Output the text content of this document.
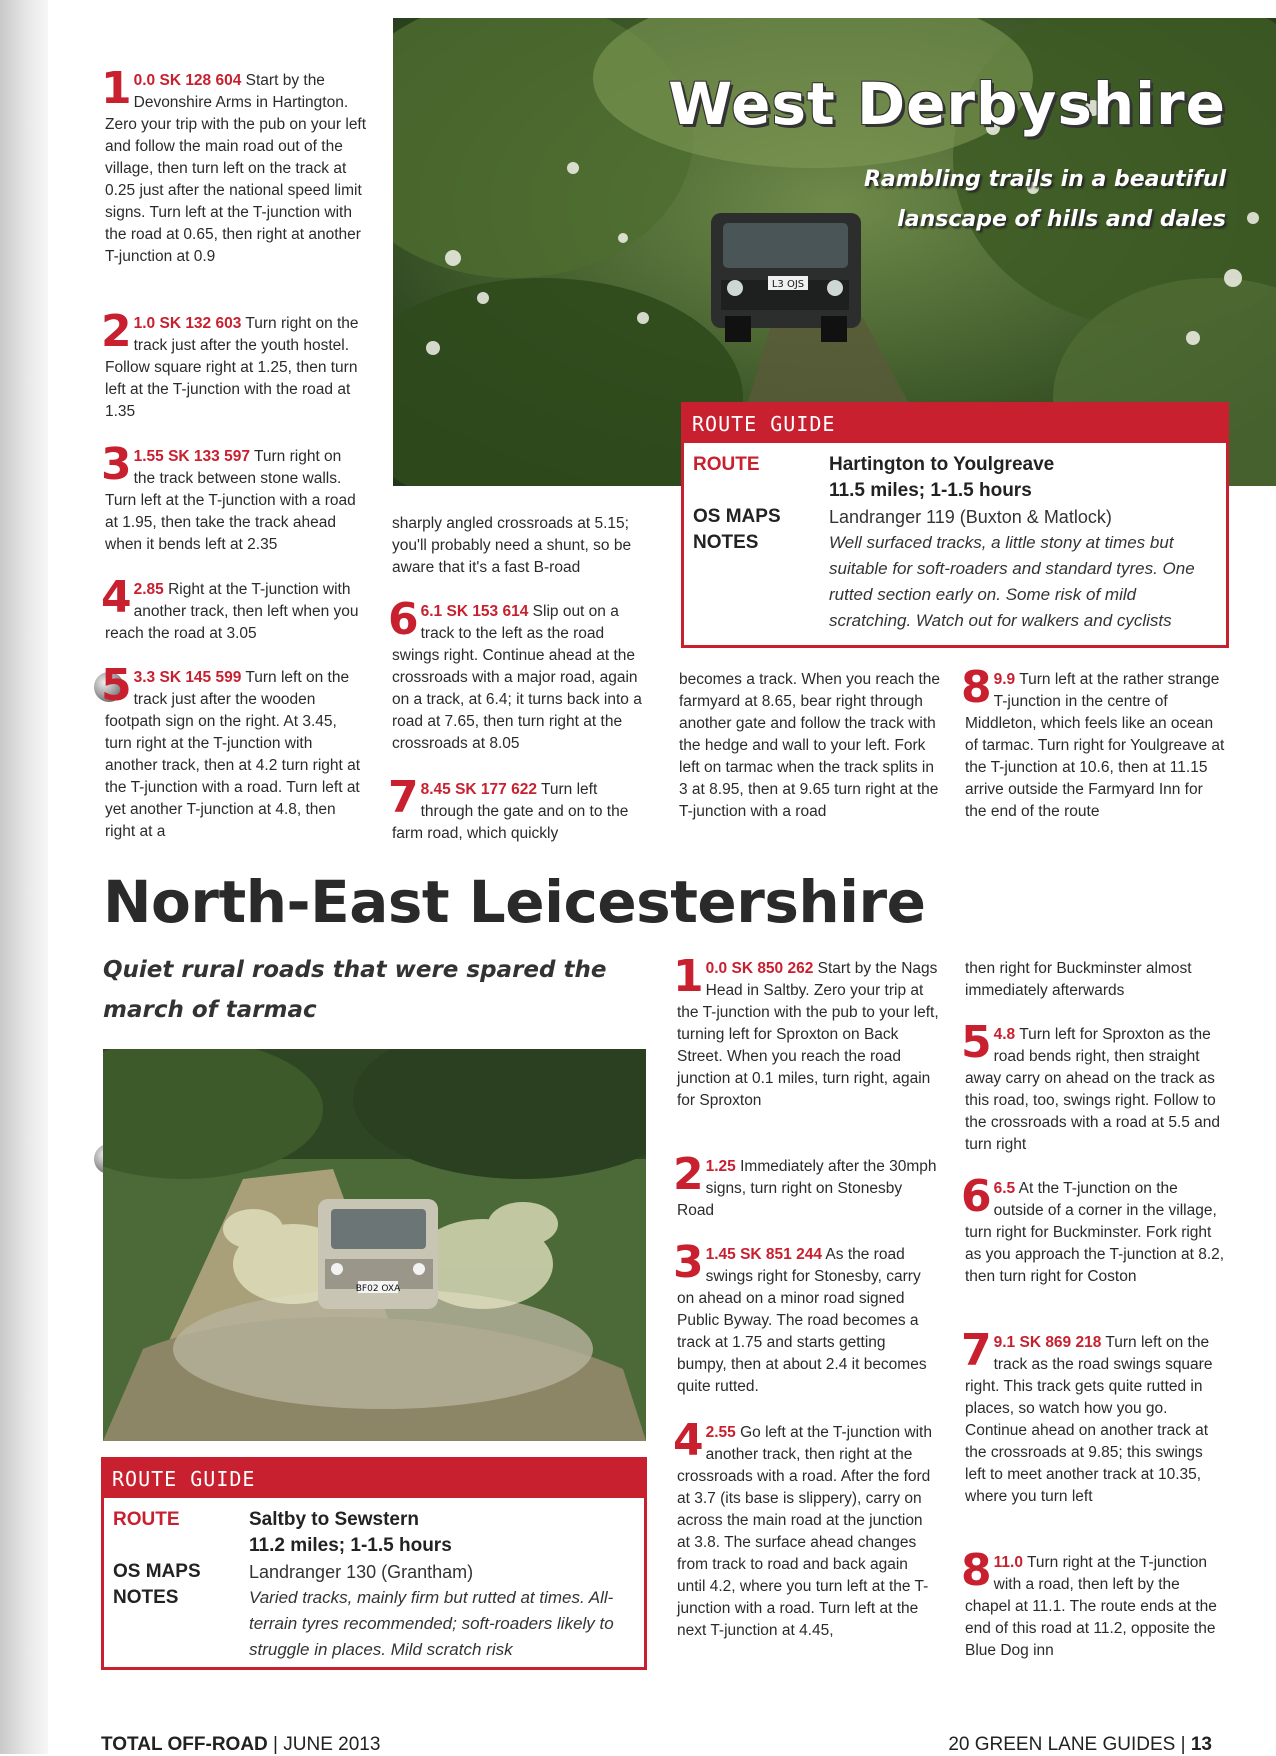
L3 OJS
West Derbyshire
Rambling trails in a beautiful lanscape of hills and dales
1 0.0 SK 128 604 Start by the Devonshire Arms in Hartington. Zero your trip with the pub on your left and follow the main road out of the village, then turn left on the track at 0.25 just after the national speed limit signs. Turn left at the T-junction with the road at 0.65, then right at another T-junction at 0.9
2 1.0 SK 132 603 Turn right on the track just after the youth hostel. Follow square right at 1.25, then turn left at the T-junction with the road at 1.35
3 1.55 SK 133 597 Turn right on the track between stone walls. Turn left at the T-junction with a road at 1.95, then take the track ahead when it bends left at 2.35
4 2.85 Right at the T-junction with another track, then left when you reach the road at 3.05
5 3.3 SK 145 599 Turn left on the track just after the wooden footpath sign on the right. At 3.45, turn right at the T-junction with another track, then at 4.2 turn right at the T-junction with a road. Turn left at yet another T-junction at 4.8, then right at a
sharply angled crossroads at 5.15; you'll probably need a shunt, so be aware that it's a fast B-road
6 6.1 SK 153 614 Slip out on a track to the left as the road swings right. Continue ahead at the crossroads with a major road, again on a track, at 6.4; it turns back into a road at 7.65, then turn right at the crossroads at 8.05
7 8.45 SK 177 622 Turn left through the gate and on to the farm road, which quickly
becomes a track. When you reach the farmyard at 8.65, bear right through another gate and follow the track with the hedge and wall to your left. Fork left on tarmac when the track splits in 3 at 8.95, then at 9.65 turn right at the T-junction with a road
8 9.9 Turn left at the rather strange T-junction in the centre of Middleton, which feels like an ocean of tarmac. Turn right for Youlgreave at the T-junction at 10.6, then at 11.15 arrive outside the Farmyard Inn for the end of the route
ROUTE GUIDE
ROUTE	Hartington to Youlgreave
11.5 miles; 1-1.5 hours
OS MAPS	Landranger 119 (Buxton & Matlock)
NOTES	Well surfaced tracks, a little stony at times but suitable for soft-roaders and standard tyres. One rutted section early on. Some risk of mild scratching. Watch out for walkers and cyclists
North-East Leicestershire
Quiet rural roads that were spared the march of tarmac
BF02 OXA
ROUTE GUIDE
ROUTE	Saltby to Sewstern
11.2 miles; 1-1.5 hours
OS MAPS	Landranger 130 (Grantham)
NOTES	Varied tracks, mainly firm but rutted at times. All-terrain tyres recommended; soft-roaders likely to struggle in places. Mild scratch risk
1 0.0 SK 850 262 Start by the Nags Head in Saltby. Zero your trip at the T-junction with the pub to your left, turning left for Sproxton on Back Street. When you reach the road junction at 0.1 miles, turn right, again for Sproxton
2 1.25 Immediately after the 30mph signs, turn right on Stonesby Road
3 1.45 SK 851 244 As the road swings right for Stonesby, carry on ahead on a minor road signed Public Byway. The road becomes a track at 1.75 and starts getting bumpy, then at about 2.4 it becomes quite rutted.
4 2.55 Go left at the T-junction with another track, then right at the crossroads with a road. After the ford at 3.7 (its base is slippery), carry on across the main road at the junction at 3.8. The surface ahead changes from track to road and back again until 4.2, where you turn left at the T-junction with a road. Turn left at the next T-junction at 4.45,
then right for Buckminster almost immediately afterwards
5 4.8 Turn left for Sproxton as the road bends right, then straight away carry on ahead on the track as this road, too, swings right. Follow to the crossroads with a road at 5.5 and turn right
6 6.5 At the T-junction on the outside of a corner in the village, turn right for Buckminster. Fork right as you approach the T-junction at 8.2, then turn right for Coston
7 9.1 SK 869 218 Turn left on the track as the road swings square right. This track gets quite rutted in places, so watch how you go. Continue ahead on another track at the crossroads at 9.85; this swings left to meet another track at 10.35, where you turn left
8 11.0 Turn right at the T-junction with a road, then left by the chapel at 11.1. The route ends at the end of this road at 11.2, opposite the Blue Dog inn
TOTAL OFF-ROAD | JUNE 2013	20 GREEN LANE GUIDES | 13
